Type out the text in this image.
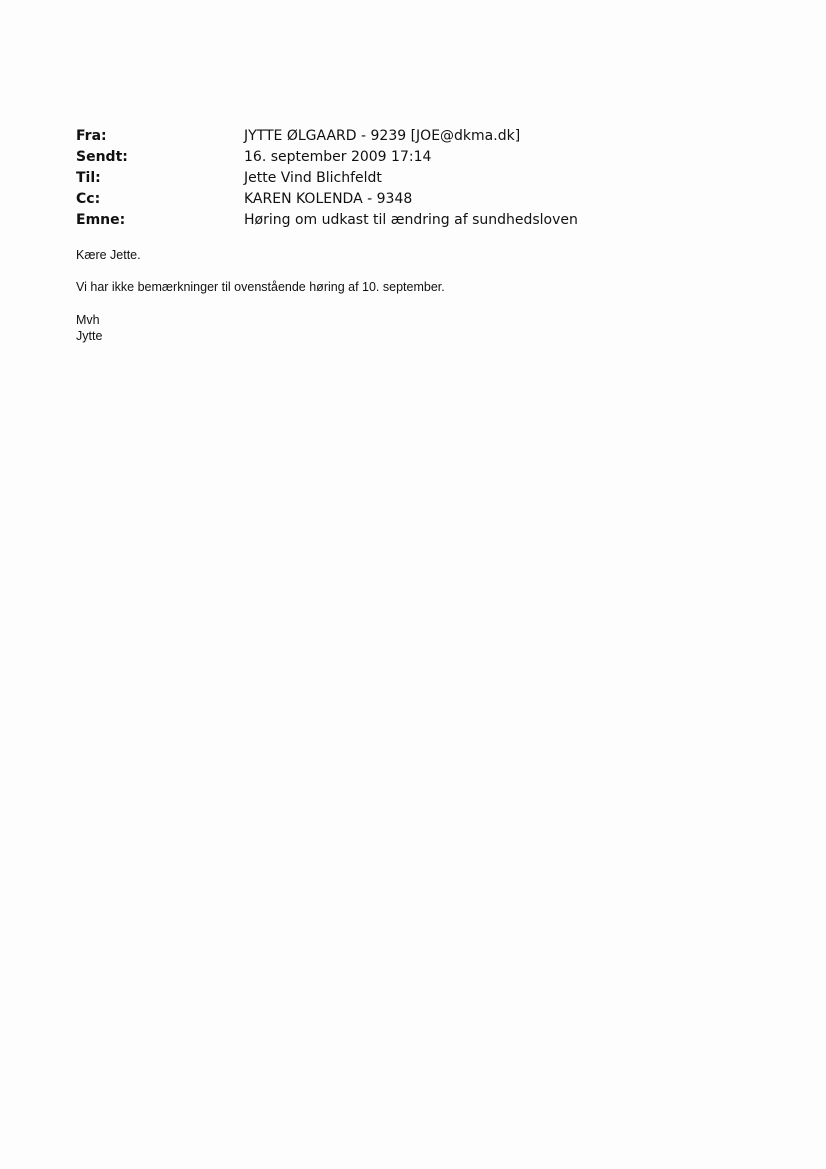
Fra:	JYTTE ØLGAARD - 9239 [JOE@dkma.dk]
Sendt:	16. september 2009 17:14
Til:	Jette Vind Blichfeldt
Cc:	KAREN KOLENDA - 9348
Emne:	Høring om udkast til ændring af sundhedsloven
Kære Jette.
Vi har ikke bemærkninger til ovenstående høring af 10. september.
Mvh
Jytte
